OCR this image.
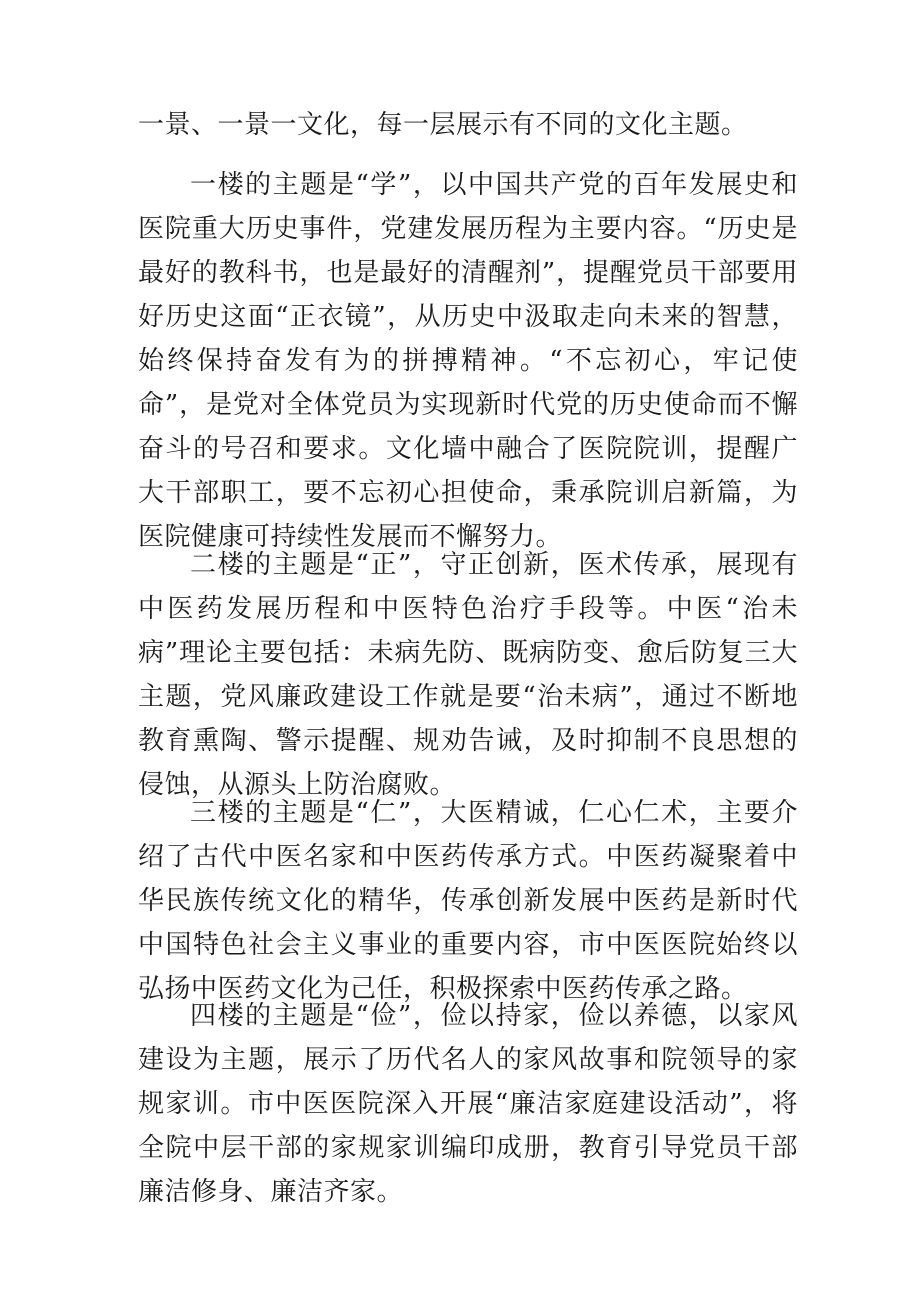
一景、一景一文化，每一层展示有不同的文化主题。

一楼的主题是“学”，以中国共产党的百年发展史和医院重大历史事件，党建发展历程为主要内容。“历史是最好的教科书，也是最好的清醒剂”，提醒党员干部要用好历史这面“正衣镜”，从历史中汲取走向未来的智慧，始终保持奋发有为的拼搏精神。“不忘初心，牢记使命”，是党对全体党员为实现新时代党的历史使命而不懈奋斗的号召和要求。文化墙中融合了医院院训，提醒广大干部职工，要不忘初心担使命，秉承院训启新篇，为医院健康可持续性发展而不懈努力。

二楼的主题是“正”，守正创新，医术传承，展现有中医药发展历程和中医特色治疗手段等。中医“治未病”理论主要包括：未病先防、既病防变、愈后防复三大主题，党风廉政建设工作就是要“治未病”，通过不断地教育熏陶、警示提醒、规劝告诫，及时抑制不良思想的侵蚀，从源头上防治腐败。

三楼的主题是“仁”，大医精诚，仁心仁术，主要介绍了古代中医名家和中医药传承方式。中医药凝聚着中华民族传统文化的精华，传承创新发展中医药是新时代中国特色社会主义事业的重要内容，市中医医院始终以弘扬中医药文化为己任，积极探索中医药传承之路。

四楼的主题是“俭”，俭以持家，俭以养德，以家风建设为主题，展示了历代名人的家风故事和院领导的家规家训。市中医医院深入开展“廉洁家庭建设活动”，将全院中层干部的家规家训编印成册，教育引导党员干部廉洁修身、廉洁齐家。
